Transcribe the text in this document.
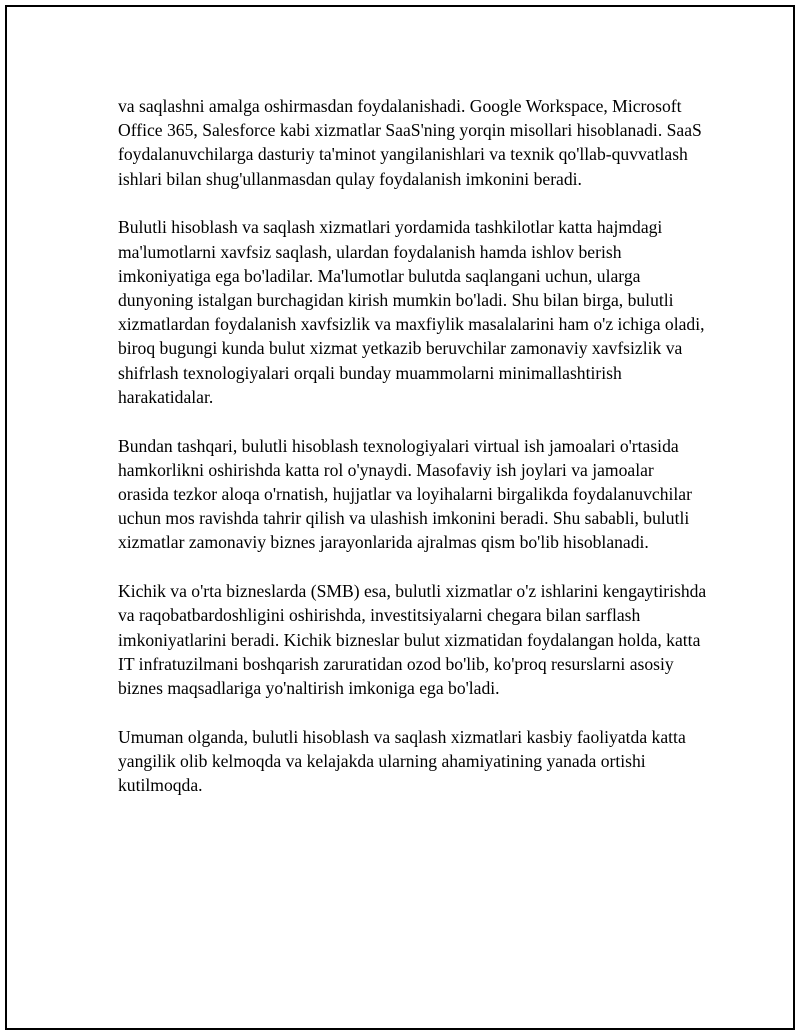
va saqlashni amalga oshirmasdan foydalanishadi. Google Workspace, Microsoft Office 365, Salesforce kabi xizmatlar SaaS'ning yorqin misollari hisoblanadi. SaaS foydalanuvchilarga dasturiy ta'minot yangilanishlari va texnik qo'llab-quvvatlash ishlari bilan shug'ullanmasdan qulay foydalanish imkonini beradi.

Bulutli hisoblash va saqlash xizmatlari yordamida tashkilotlar katta hajmdagi ma'lumotlarni xavfsiz saqlash, ulardan foydalanish hamda ishlov berish imkoniyatiga ega bo'ladilar. Ma'lumotlar bulutda saqlangani uchun, ularga dunyoning istalgan burchagidan kirish mumkin bo'ladi. Shu bilan birga, bulutli xizmatlardan foydalanish xavfsizlik va maxfiylik masalalarini ham o'z ichiga oladi, biroq bugungi kunda bulut xizmat yetkazib beruvchilar zamonaviy xavfsizlik va shifrlash texnologiyalari orqali bunday muammolarni minimallashtirish harakatidalar.

Bundan tashqari, bulutli hisoblash texnologiyalari virtual ish jamoalari o'rtasida hamkorlikni oshirishda katta rol o'ynaydi. Masofaviy ish joylari va jamoalar orasida tezkor aloqa o'rnatish, hujjatlar va loyihalarni birgalikda foydalanuvchilar uchun mos ravishda tahrir qilish va ulashish imkonini beradi. Shu sababli, bulutli xizmatlar zamonaviy biznes jarayonlarida ajralmas qism bo'lib hisoblanadi.

Kichik va o'rta bizneslarda (SMB) esa, bulutli xizmatlar o'z ishlarini kengaytirishda va raqobatbardoshligini oshirishda, investitsiyalarni chegara bilan sarflash imkoniyatlarini beradi. Kichik bizneslar bulut xizmatidan foydalangan holda, katta IT infratuzilmani boshqarish zaruratidan ozod bo'lib, ko'proq resurslarni asosiy biznes maqsadlariga yo'naltirish imkoniga ega bo'ladi.

Umuman olganda, bulutli hisoblash va saqlash xizmatlari kasbiy faoliyatda katta yangilik olib kelmoqda va kelajakda ularning ahamiyatining yanada ortishi kutilmoqda.
